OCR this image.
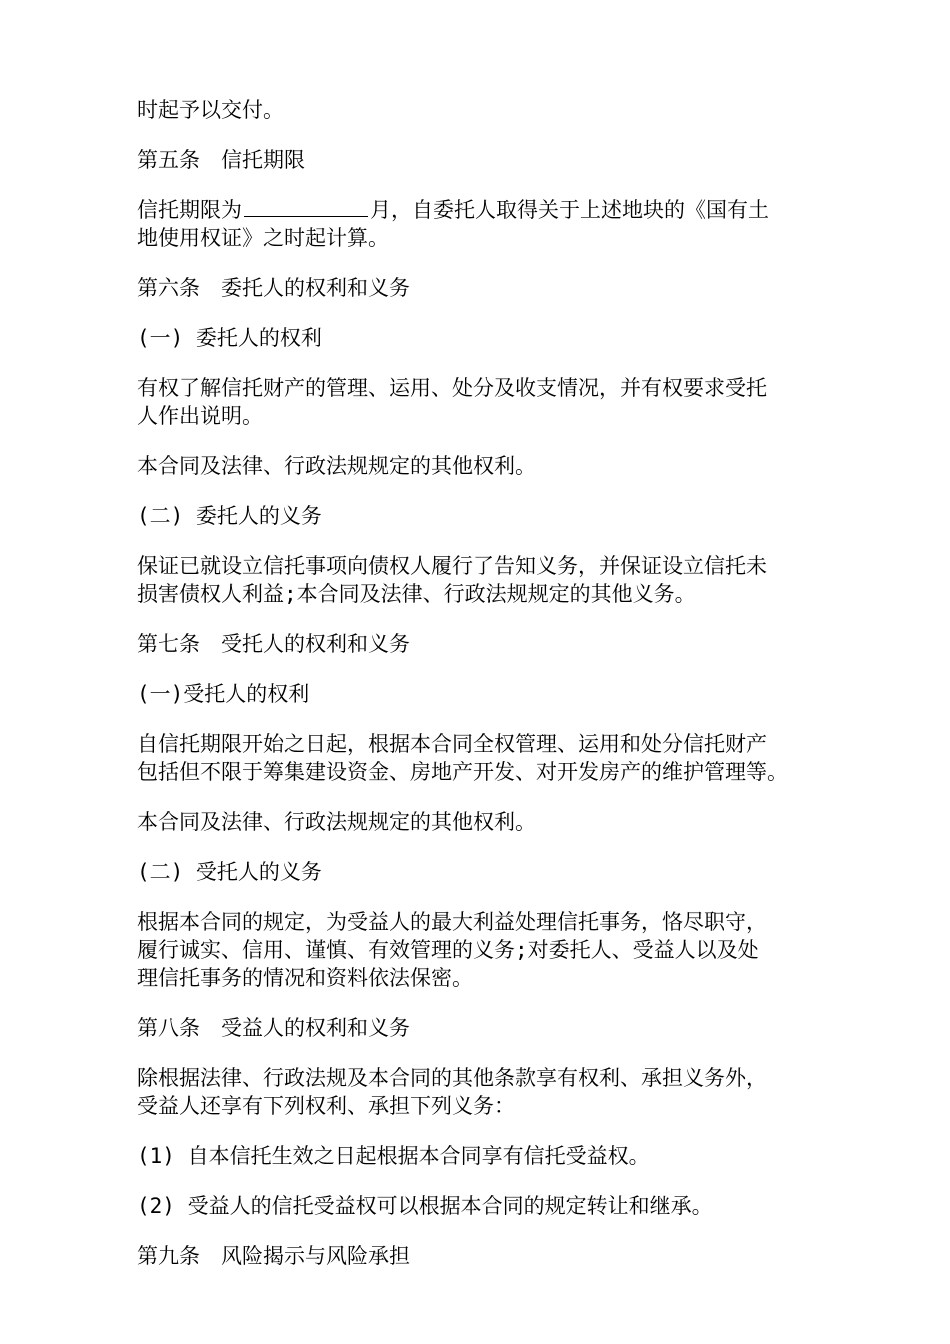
时起予以交付。
第五条　信托期限
信托期限为	月，自委托人取得关于上述地块的《国有土
地使用权证》之时起计算。
第六条　委托人的权利和义务
(一) 委托人的权利
有权了解信托财产的管理、运用、处分及收支情况，并有权要求受托
人作出说明。
本合同及法律、行政法规规定的其他权利。
(二) 委托人的义务
保证已就设立信托事项向债权人履行了告知义务，并保证设立信托未
损害债权人利益;本合同及法律、行政法规规定的其他义务。
第七条　受托人的权利和义务
(一)受托人的权利
自信托期限开始之日起，根据本合同全权管理、运用和处分信托财产
包括但不限于筹集建设资金、房地产开发、对开发房产的维护管理等。
本合同及法律、行政法规规定的其他权利。
(二) 受托人的义务
根据本合同的规定，为受益人的最大利益处理信托事务，恪尽职守，
履行诚实、信用、谨慎、有效管理的义务;对委托人、受益人以及处
理信托事务的情况和资料依法保密。
第八条　受益人的权利和义务
除根据法律、行政法规及本合同的其他条款享有权利、承担义务外，
受益人还享有下列权利、承担下列义务：
(1) 自本信托生效之日起根据本合同享有信托受益权。
(2) 受益人的信托受益权可以根据本合同的规定转让和继承。
第九条　风险揭示与风险承担
